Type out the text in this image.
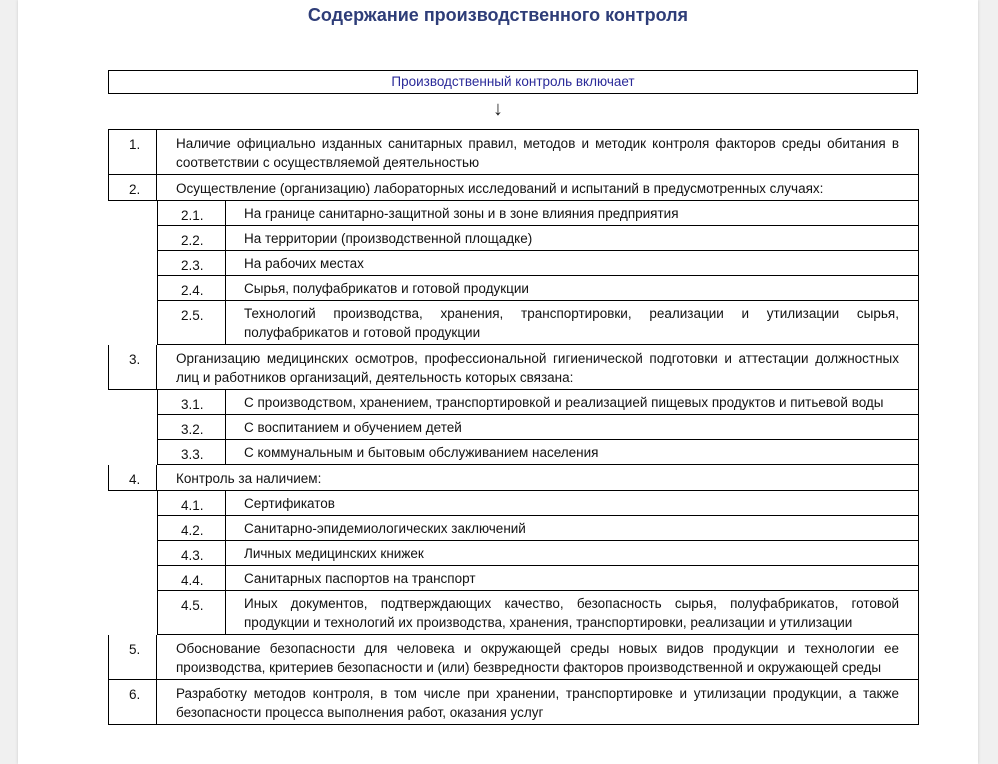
Содержание производственного контроля
Производственный контроль включает
↓
1.	Наличие официально изданных санитарных правил, методов и методик контроля факторов среды обитания в соответствии с осуществляемой деятельностью
2.	Осуществление (организацию) лабораторных исследований и испытаний в предусмотренных случаях:
2.1.	На границе санитарно-защитной зоны и в зоне влияния предприятия
2.2.	На территории (производственной площадке)
2.3.	На рабочих местах
2.4.	Сырья, полуфабрикатов и готовой продукции
2.5.	Технологий производства, хранения, транспортировки, реализации и утилизации сырья, полуфабрикатов и готовой продукции
3.	Организацию медицинских осмотров, профессиональной гигиенической подготовки и аттестации должностных лиц и работников организаций, деятельность которых связана:
3.1.	С производством, хранением, транспортировкой и реализацией пищевых продуктов и питьевой воды
3.2.	С воспитанием и обучением детей
3.3.	С коммунальным и бытовым обслуживанием населения
4.	Контроль за наличием:
4.1.	Сертификатов
4.2.	Санитарно-эпидемиологических заключений
4.3.	Личных медицинских книжек
4.4.	Санитарных паспортов на транспорт
4.5.	Иных документов, подтверждающих качество, безопасность сырья, полуфабрикатов, готовой продукции и технологий их производства, хранения, транспортировки, реализации и утилизации
5.	Обоснование безопасности для человека и окружающей среды новых видов продукции и технологии ее производства, критериев безопасности и (или) безвредности факторов производственной и окружающей среды
6.	Разработку методов контроля, в том числе при хранении, транспортировке и утилизации продукции, а также безопасности процесса выполнения работ, оказания услуг
